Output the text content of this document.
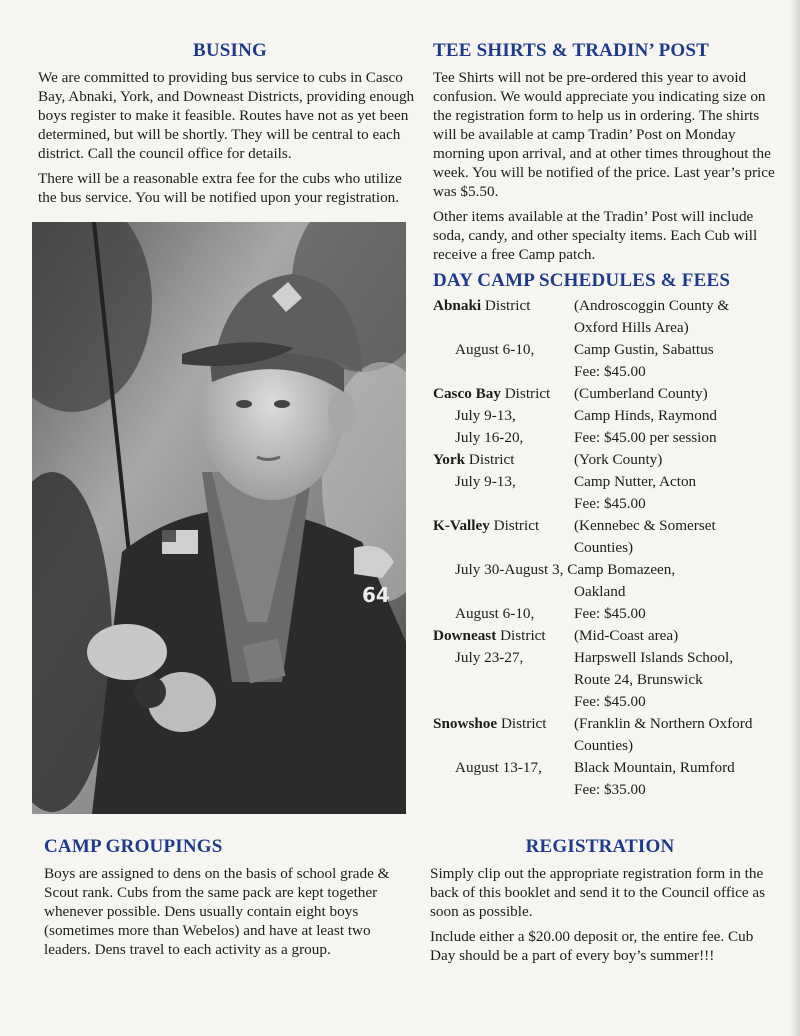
BUSING

We are committed to providing bus service to cubs in Casco Bay, Abnaki, York, and Downeast Districts, providing enough boys register to make it feasible. Routes have not as yet been determined, but will be shortly. They will be central to each district. Call the council office for details.

There will be a reasonable extra fee for the cubs who utilize the bus service. You will be notified upon your registration.

64
TEE SHIRTS & TRADIN’ POST

Tee Shirts will not be pre-ordered this year to avoid confusion. We would appreciate you indicating size on the registration form to help us in ordering. The shirts will be available at camp Tradin’ Post on Monday morning upon arrival, and at other times throughout the week. You will be notified of the price. Last year’s price was $5.50.

Other items available at the Tradin’ Post will include soda, candy, and other specialty items. Each Cub will receive a free Camp patch.

DAY CAMP SCHEDULES & FEES
Abnaki District	(Androscoggin County &
Oxford Hills Area)
August 6-10,	Camp Gustin, Sabattus
Fee: $45.00
Casco Bay District (Cumberland County)
July 9-13,	Camp Hinds, Raymond
July 16-20,	Fee: $45.00 per session
York District	(York County)
July 9-13,	Camp Nutter, Acton
Fee: $45.00
K-Valley District (Kennebec & Somerset
Counties)
July 30-August 3, Camp Bomazeen,
Oakland
August 6-10,	Fee: $45.00
Downeast District (Mid-Coast area)
July 23-27,	Harpswell Islands School,
Route 24, Brunswick
Fee: $45.00
Snowshoe District (Franklin & Northern Oxford
Counties)
August 13-17, Black Mountain, Rumford
Fee: $35.00
CAMP GROUPINGS

Boys are assigned to dens on the basis of school grade & Scout rank. Cubs from the same pack are kept together whenever possible. Dens usually contain eight boys (sometimes more than Webelos) and have at least two leaders. Dens travel to each activity as a group.

REGISTRATION

Simply clip out the appropriate registration form in the back of this booklet and send it to the Council office as soon as possible.

Include either a $20.00 deposit or, the entire fee. Cub Day should be a part of every boy’s summer!!!
